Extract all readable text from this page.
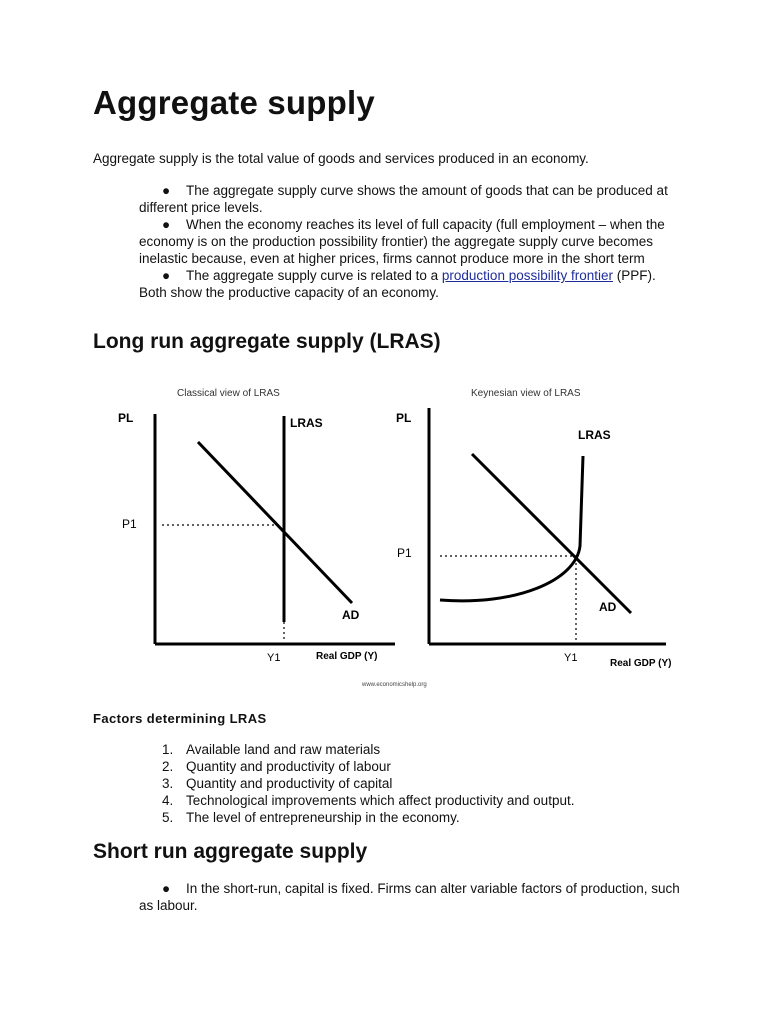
Aggregate supply

Aggregate supply is the total value of goods and services produced in an economy.

● The aggregate supply curve shows the amount of goods that can be produced at different price levels.

● When the economy reaches its level of full capacity (full employment – when the economy is on the production possibility frontier) the aggregate supply curve becomes inelastic because, even at higher prices, firms cannot produce more in the short term

● The aggregate supply curve is related to a production possibility frontier (PPF). Both show the productive capacity of an economy.

Long run aggregate supply (LRAS)
Classical view of LRAS
PL	LRAS
AD
P1
Y1	Real GDP (Y)
Keynesian view of LRAS
PL
LRAS
AD
P1
Y1	Real GDP (Y)
www.economicshelp.org
Factors determining LRAS
1. Available land and raw materials
2. Quantity and productivity of labour
3. Quantity and productivity of capital
4. Technological improvements which affect productivity and output.
5. The level of entrepreneurship in the economy.
Short run aggregate supply

● In the short-run, capital is fixed. Firms can alter variable factors of production, such as labour.
